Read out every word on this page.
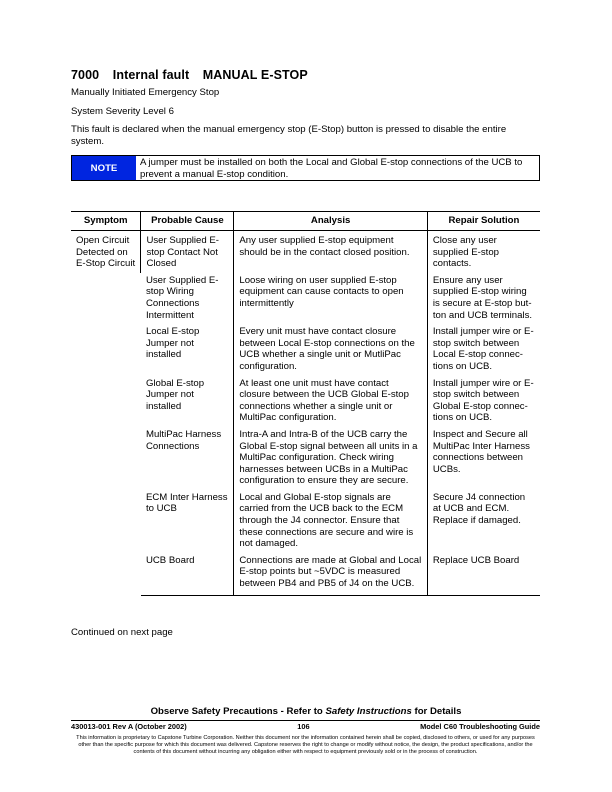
7000 Internal fault MANUAL E-STOP
Manually Initiated Emergency Stop
System Severity Level 6
This fault is declared when the manual emergency stop (E-Stop) button is pressed to disable the entire system.
NOTE	A jumper must be installed on both the Local and Global E-stop connections of the UCB to prevent a manual E-stop condition.
Symptom	Probable Cause	Analysis	Repair Solution
Open Circuit Detected on E-Stop Circuit	User Supplied E-stop Contact Not Closed	Any user supplied E-stop equipment should be in the contact closed position.	Close any user supplied E-stop contacts.
	User Supplied E-stop Wiring Connections Intermittent	Loose wiring on user supplied E-stop equipment can cause contacts to open intermittently	Ensure any user supplied E-stop wiring is secure at E-stop but-ton and UCB terminals.
	Local E-stop Jumper not installed	Every unit must have contact closure between Local E-stop connections on the UCB whether a single unit or MutliPac configuration.	Install jumper wire or E-stop switch between Local E-stop connec-tions on UCB.
	Global E-stop Jumper not installed	At least one unit must have contact closure between the UCB Global E-stop connections whether a single unit or MultiPac configuration.	Install jumper wire or E-stop switch between Global E-stop connec-tions on UCB.
	MultiPac Harness Connections	Intra-A and Intra-B of the UCB carry the Global E-stop signal between all units in a MultiPac configuration. Check wiring harnesses between UCBs in a MultiPac configuration to ensure they are secure.	Inspect and Secure all MultiPac Inter Harness connections between UCBs.
	ECM Inter Harness to UCB	Local and Global E-stop signals are carried from the UCB back to the ECM through the J4 connector. Ensure that these connections are secure and wire is not damaged.	Secure J4 connection at UCB and ECM. Replace if damaged.
	UCB Board	Connections are made at Global and Local E-stop points but ~5VDC is measured between PB4 and PB5 of J4 on the UCB.	Replace UCB Board
Continued on next page
Observe Safety Precautions - Refer to Safety Instructions for Details
430013-001 Rev A (October 2002)	106	Model C60 Troubleshooting Guide
This information is proprietary to Capstone Turbine Corporation. Neither this document nor the information contained herein shall be copied, disclosed to others, or used for any purposes other than the specific purpose for which this document was delivered. Capstone reserves the right to change or modify without notice, the design, the product specifications, and/or the contents of this document without incurring any obligation either with respect to equipment previously sold or in the process of construction.
